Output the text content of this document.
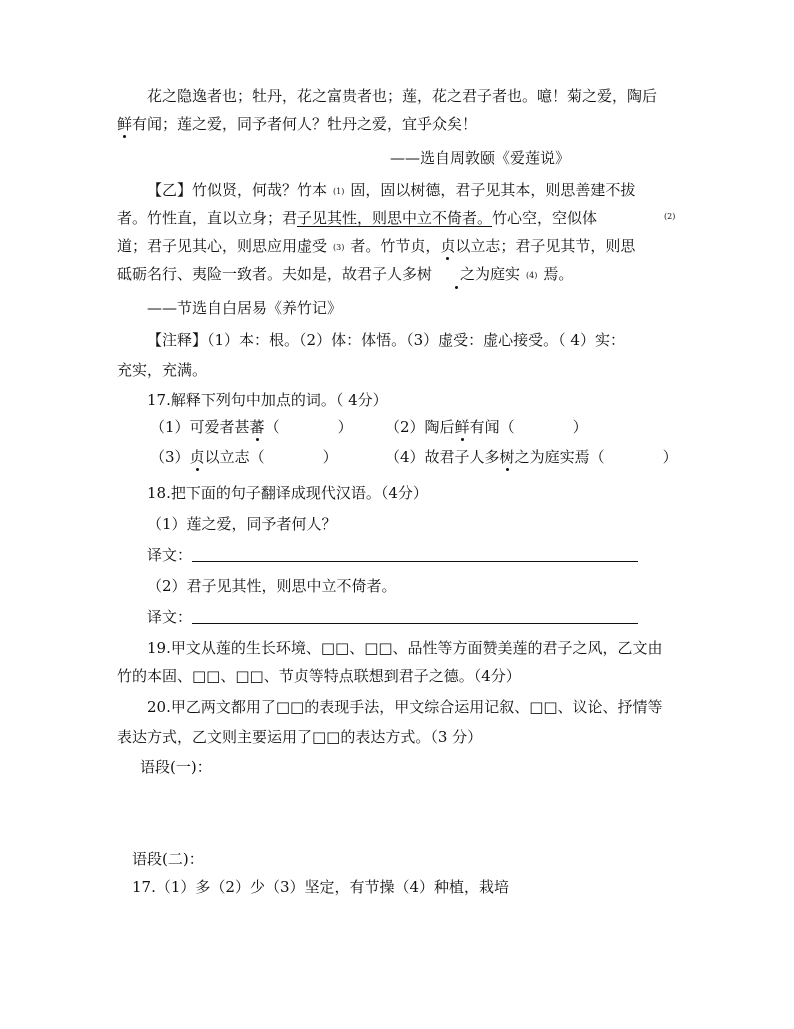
花之隐逸者也；牡丹，花之富贵者也；莲，花之君子者也。噫！菊之爱，陶后
鲜有闻；莲之爱，同予者何人？牡丹之爱，宜乎众矣！
——选自周敦颐《爱莲说》
【乙】竹似贤，何哉？竹本 (1) 固，固以树德，君子见其本，则思善建不拔
者。竹性直，直以立身；君子见其性，则思中立不倚者。竹心空，空似体	(2)
道；君子见其心，则思应用虚受 (3) 者。竹节贞，贞以立志；君子见其节，则思
砥砺名行、夷险一致者。夫如是，故君子人多树 之为庭实 (4) 焉。
——节选自白居易《养竹记》
【注释】（1）本：根。（2）体：体悟。（3）虚受：虚心接受。（ 4）实：
充实，充满。
17.解释下列句中加点的词。（ 4分）
（1）可爱者甚蕃（	） （2）陶后鲜有闻（	）
（3）贞以立志（	）	（4）故君子人多树之为庭实焉（	）
18.把下面的句子翻译成现代汉语。（4分）
（1）莲之爱，同予者何人？
译文：
（2）君子见其性，则思中立不倚者。
译文：
19.甲文从莲的生长环境、□□、□□、品性等方面赞美莲的君子之风，乙文由
竹的本固、□□、□□、节贞等特点联想到君子之德。（4分）
20.甲乙两文都用了□□的表现手法，甲文综合运用记叙、□□、议论、抒情等
表达方式，乙文则主要运用了□□的表达方式。（3 分）
语段(一)：
语段(二)：
17.（1）多（2）少（3）坚定，有节操（4）种植，栽培
